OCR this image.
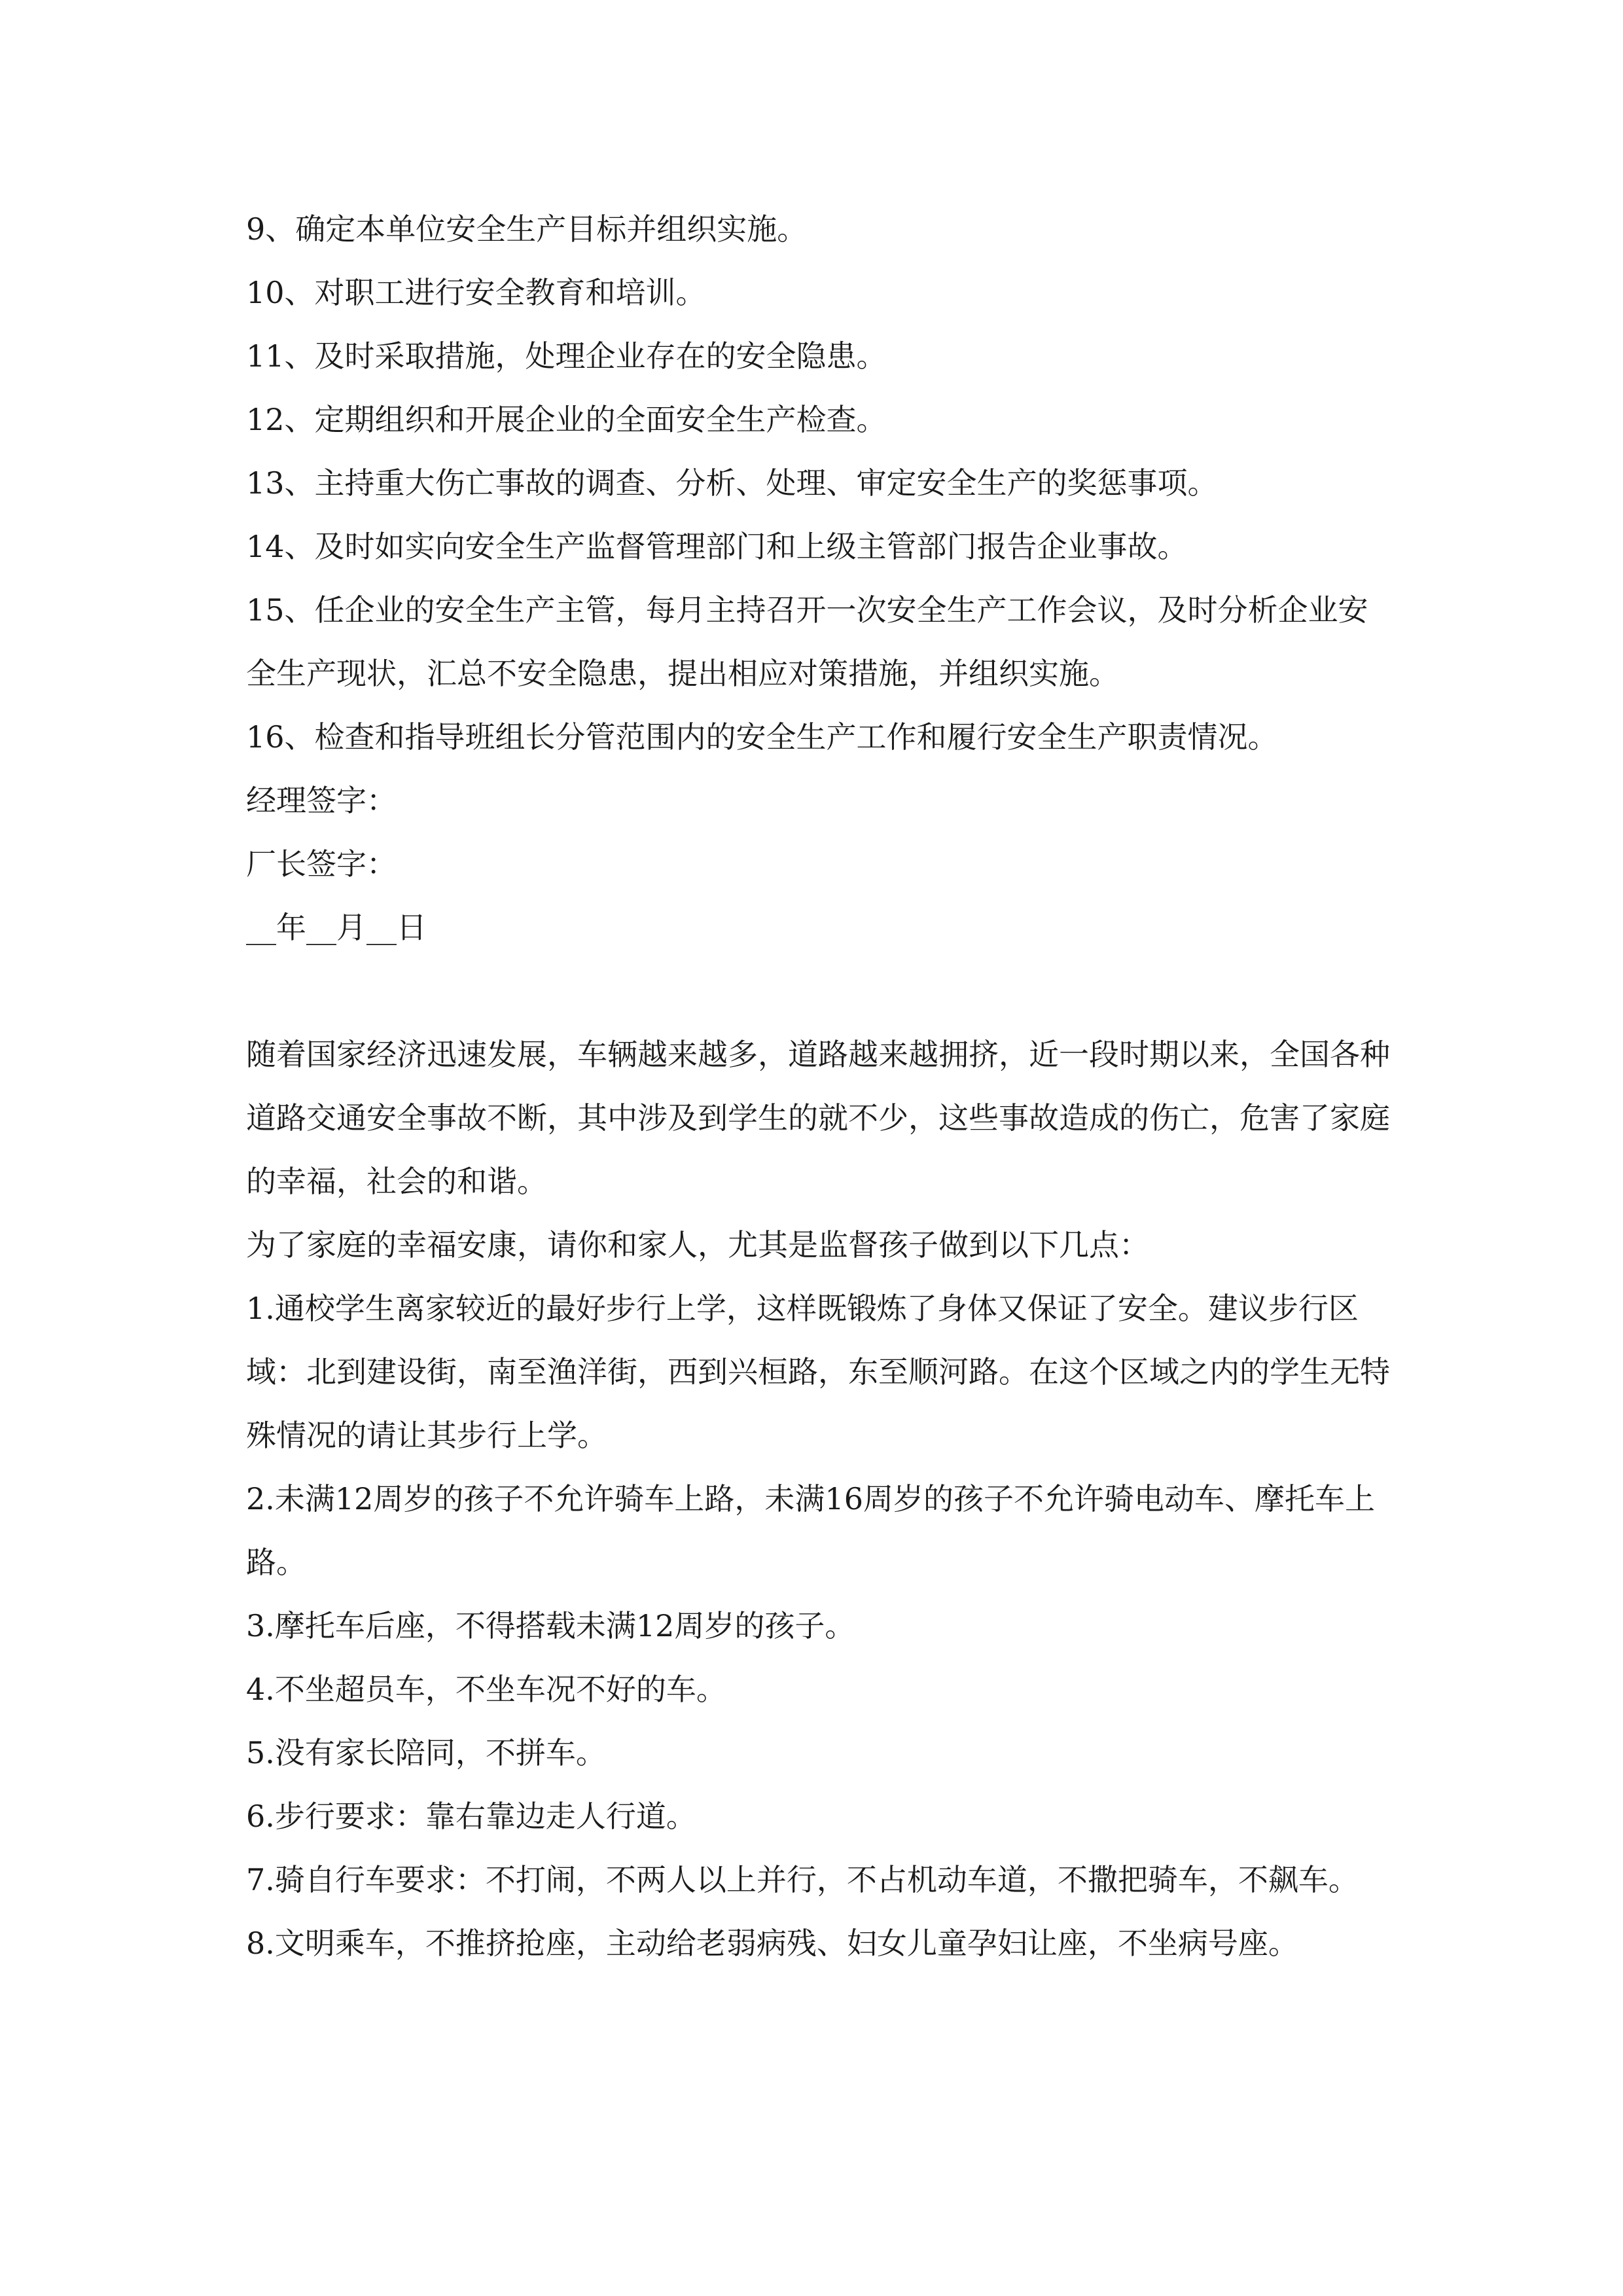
9、确定本单位安全生产目标并组织实施。

10、对职工进行安全教育和培训。

11、及时采取措施，处理企业存在的安全隐患。

12、定期组织和开展企业的全面安全生产检查。

13、主持重大伤亡事故的调查、分析、处理、审定安全生产的奖惩事项。

14、及时如实向安全生产监督管理部门和上级主管部门报告企业事故。

15、任企业的安全生产主管，每月主持召开一次安全生产工作会议，及时分析企业安全生产现状，汇总不安全隐患，提出相应对策措施，并组织实施。

16、检查和指导班组长分管范围内的安全生产工作和履行安全生产职责情况。

经理签字：

厂长签字：

__年__月__日

随着国家经济迅速发展，车辆越来越多，道路越来越拥挤，近一段时期以来，全国各种道路交通安全事故不断，其中涉及到学生的就不少，这些事故造成的伤亡，危害了家庭的幸福，社会的和谐。

为了家庭的幸福安康，请你和家人，尤其是监督孩子做到以下几点：

1.通校学生离家较近的最好步行上学，这样既锻炼了身体又保证了安全。建议步行区域：北到建设街，南至渔洋街，西到兴桓路，东至顺河路。在这个区域之内的学生无特殊情况的请让其步行上学。

2.未满12周岁的孩子不允许骑车上路，未满16周岁的孩子不允许骑电动车、摩托车上路。

3.摩托车后座，不得搭载未满12周岁的孩子。

4.不坐超员车，不坐车况不好的车。

5.没有家长陪同，不拼车。

6.步行要求：靠右靠边走人行道。

7.骑自行车要求：不打闹，不两人以上并行，不占机动车道，不撒把骑车，不飙车。

8.文明乘车，不推挤抢座，主动给老弱病残、妇女儿童孕妇让座，不坐病号座。
